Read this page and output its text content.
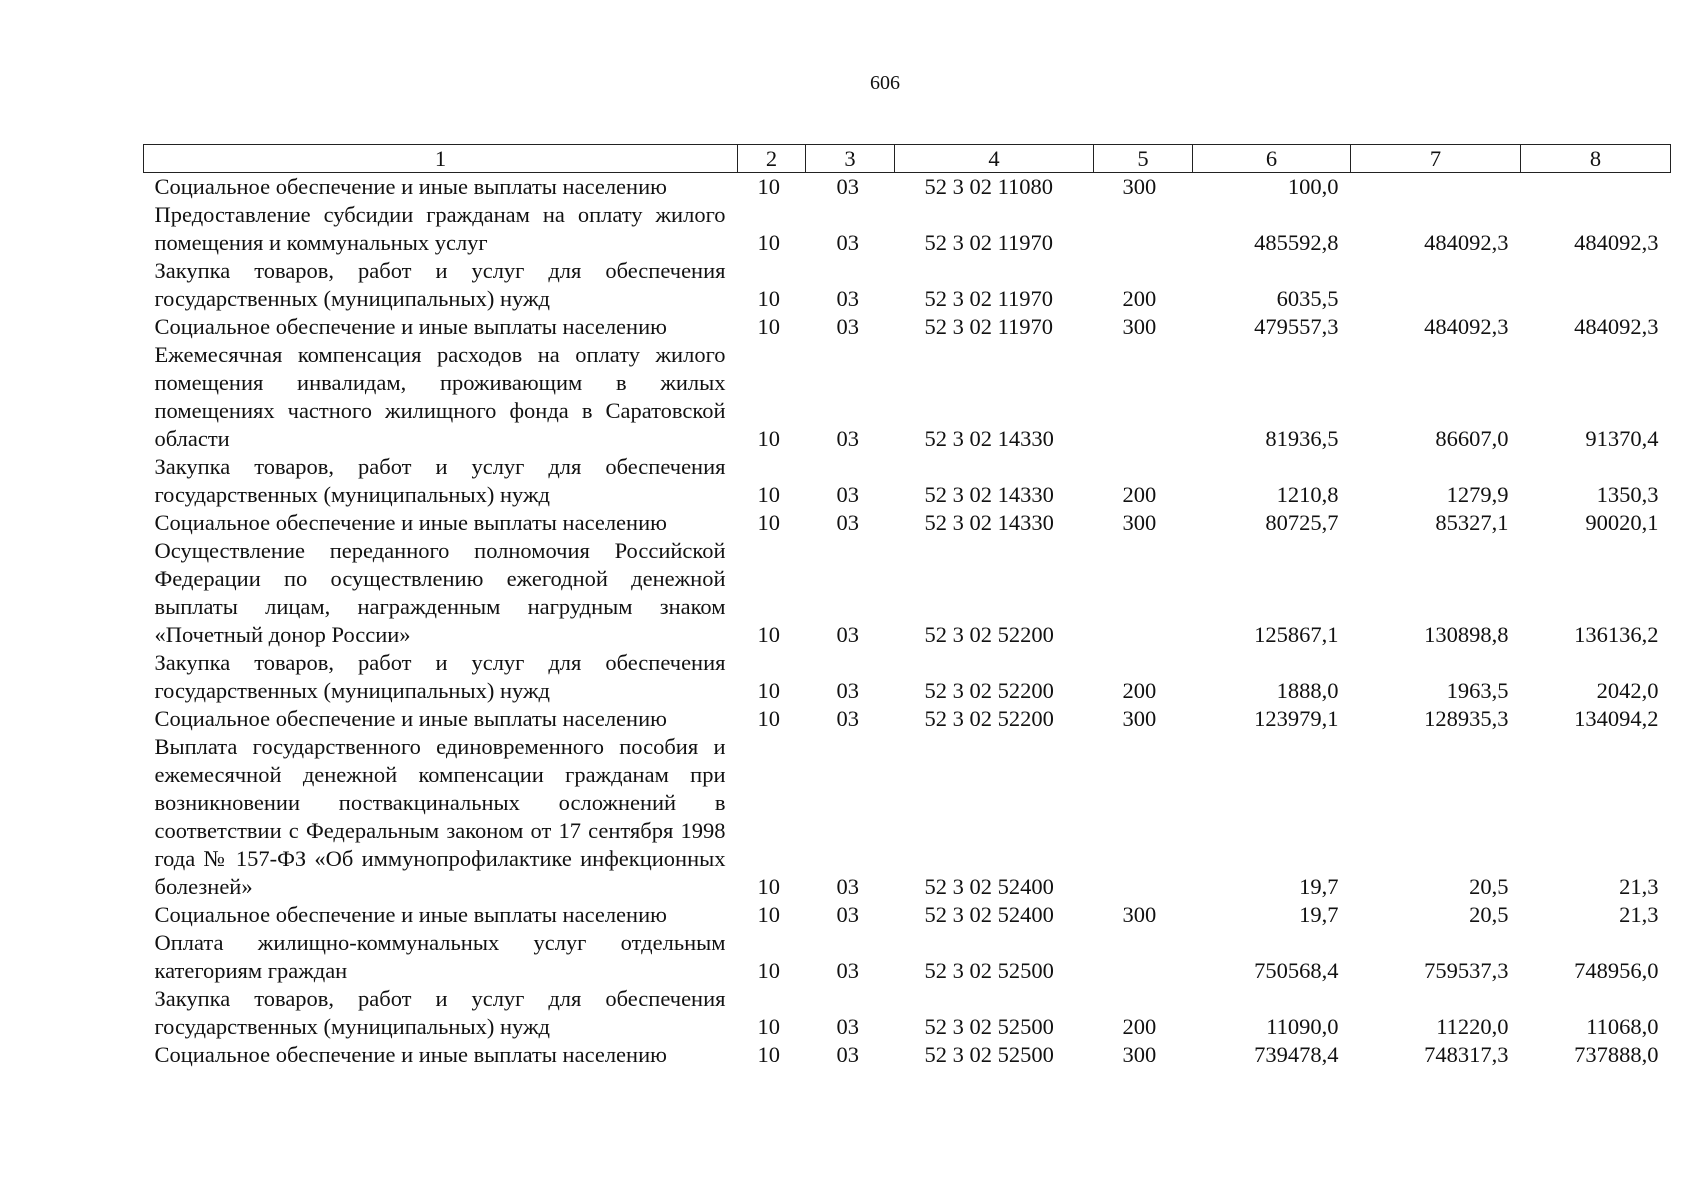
606
1	2	3	4	5	6	7	8
Социальное обеспечение и иные выплаты населению	10	03	52 3 02 11080	300	100,0		
Предоставление субсидии гражданам на оплату жилого помещения и коммунальных услуг	10	03	52 3 02 11970		485592,8	484092,3	484092,3
Закупка товаров, работ и услуг для обеспечения государственных (муниципальных) нужд	10	03	52 3 02 11970	200	6035,5		
Социальное обеспечение и иные выплаты населению	10	03	52 3 02 11970	300	479557,3	484092,3	484092,3
Ежемесячная компенсация расходов на оплату жилого помещения инвалидам, проживающим в жилых помещениях частного жилищного фонда в Саратовской области	10	03	52 3 02 14330		81936,5	86607,0	91370,4
Закупка товаров, работ и услуг для обеспечения государственных (муниципальных) нужд	10	03	52 3 02 14330	200	1210,8	1279,9	1350,3
Социальное обеспечение и иные выплаты населению	10	03	52 3 02 14330	300	80725,7	85327,1	90020,1
Осуществление переданного полномочия Российской Федерации по осуществлению ежегодной денежной выплаты лицам, награжденным нагрудным знаком «Почетный донор России»	10	03	52 3 02 52200		125867,1	130898,8	136136,2
Закупка товаров, работ и услуг для обеспечения государственных (муниципальных) нужд	10	03	52 3 02 52200	200	1888,0	1963,5	2042,0
Социальное обеспечение и иные выплаты населению	10	03	52 3 02 52200	300	123979,1	128935,3	134094,2
Выплата государственного единовременного пособия и ежемесячной денежной компенсации гражданам при возникновении поствакцинальных осложнений в соответствии с Федеральным законом от 17 сентября 1998 года № 157-ФЗ «Об иммунопрофилактике инфекционных болезней»	10	03	52 3 02 52400		19,7	20,5	21,3
Социальное обеспечение и иные выплаты населению	10	03	52 3 02 52400	300	19,7	20,5	21,3
Оплата жилищно-коммунальных услуг отдельным категориям граждан	10	03	52 3 02 52500		750568,4	759537,3	748956,0
Закупка товаров, работ и услуг для обеспечения государственных (муниципальных) нужд	10	03	52 3 02 52500	200	11090,0	11220,0	11068,0
Социальное обеспечение и иные выплаты населению	10	03	52 3 02 52500	300	739478,4	748317,3	737888,0
